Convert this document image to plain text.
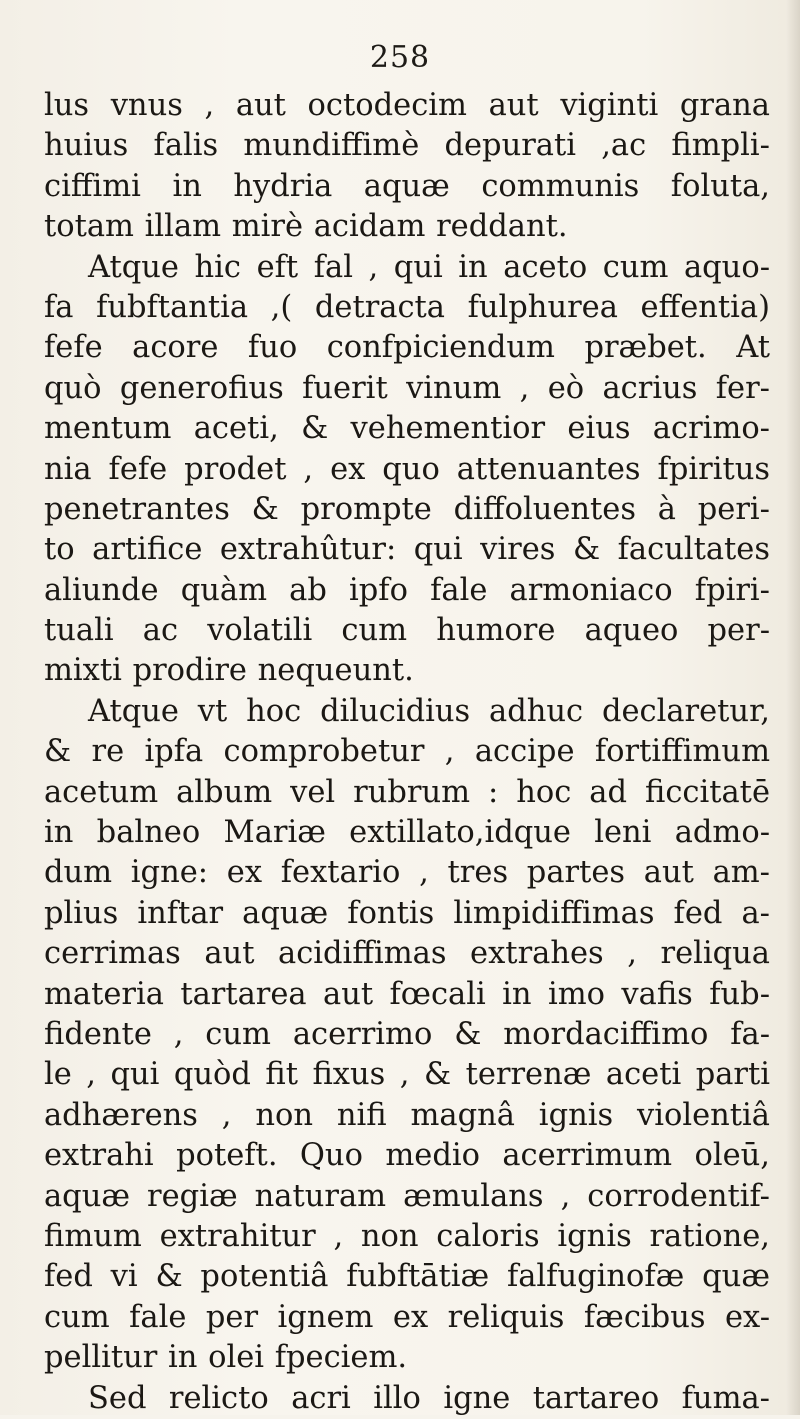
258
lus vnus , aut octodecim aut viginti grana
huius falis mundiffimè depurati ,ac fimpli-
ciffimi in hydria aquæ communis foluta,
totam illam mirè acidam reddant.
Atque hic eft fal , qui in aceto cum aquo-
fa fubftantia ,( detracta fulphurea effentia)
fefe acore fuo confpiciendum præbet. At
quò generofius fuerit vinum , eò acrius fer-
mentum aceti, & vehementior eius acrimo-
nia fefe prodet , ex quo attenuantes fpiritus
penetrantes & prompte diffoluentes à peri-
to artifice extrahûtur: qui vires & facultates
aliunde quàm ab ipfo fale armoniaco fpiri-
tuali ac volatili cum humore aqueo per-
mixti prodire nequeunt.
Atque vt hoc dilucidius adhuc declaretur,
& re ipfa comprobetur , accipe fortiffimum
acetum album vel rubrum : hoc ad ficcitatē
in balneo Mariæ extillato,idque leni admo-
dum igne: ex fextario , tres partes aut am-
plius inftar aquæ fontis limpidiffimas fed a-
cerrimas aut acidiffimas extrahes , reliqua
materia tartarea aut fœcali in imo vafis fub-
fidente , cum acerrimo & mordaciffimo fa-
le , qui quòd fit fixus , & terrenæ aceti parti
adhærens , non nifi magnâ ignis violentiâ
extrahi poteft. Quo medio acerrimum oleū,
aquæ regiæ naturam æmulans , corrodentif-
fimum extrahitur , non caloris ignis ratione,
fed vi & potentiâ fubftātiæ falfuginofæ quæ
cum fale per ignem ex reliquis fæcibus ex-
pellitur in olei fpeciem.
Sed relicto acri illo igne tartareo fuma-
